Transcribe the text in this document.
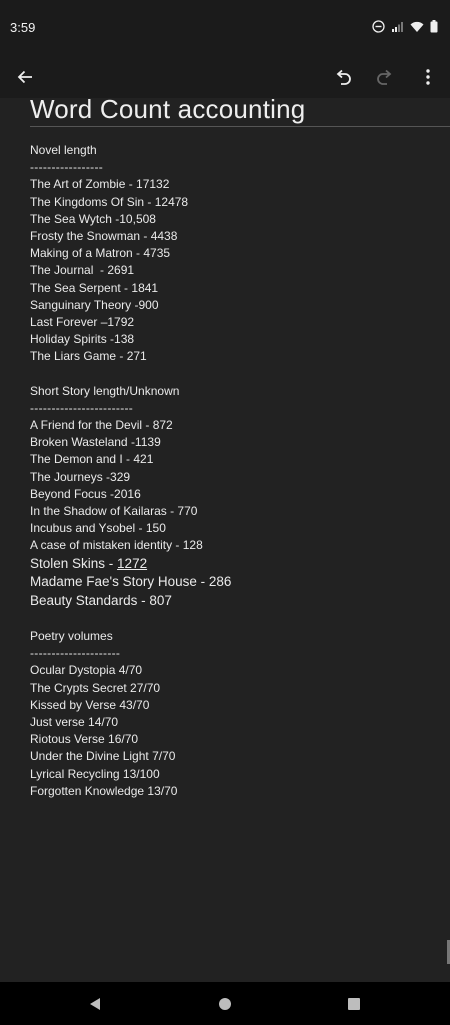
3:59
Word Count accounting
Novel length
-----------------
The Art of Zombie - 17132
The Kingdoms Of Sin - 12478
The Sea Wytch -10,508
Frosty the Snowman - 4438
Making of a Matron - 4735
The Journal  - 2691
The Sea Serpent - 1841
Sanguinary Theory -900
Last Forever –1792
Holiday Spirits -138
The Liars Game - 271
Short Story length/Unknown
------------------------
A Friend for the Devil - 872
Broken Wasteland -1139
The Demon and I - 421
The Journeys -329
Beyond Focus -2016
In the Shadow of Kailaras - 770
Incubus and Ysobel - 150
A case of mistaken identity - 128
Stolen Skins - 1272
Madame Fae's Story House - 286
Beauty Standards - 807
Poetry volumes
---------------------
Ocular Dystopia 4/70
The Crypts Secret 27/70
Kissed by Verse 43/70
Just verse 14/70
Riotous Verse 16/70
Under the Divine Light 7/70
Lyrical Recycling 13/100
Forgotten Knowledge 13/70
